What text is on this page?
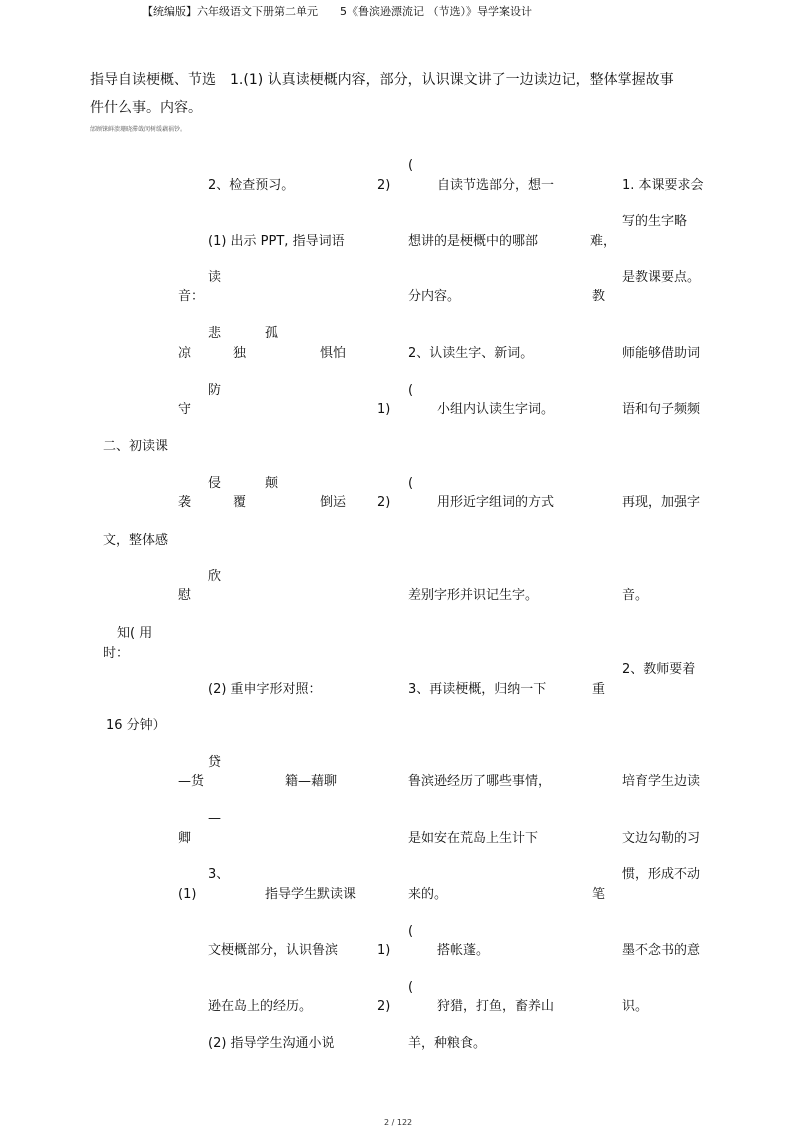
【统编版】六年级语文下册第二单元　　5《鲁滨逊漂流记 （节选）》导学案设计
指导自读梗概、节选　1.(1) 认真读梗概内容，部分，认识课文讲了一边读边记，整体掌握故事
件什么事。内容。
邰顾铼鲜溃珊晓滞戗闵树缓藕祸钞。
音：
凉
守
二、初读课
袭
文，整体感
慰
知( 用
时：
16 分钟）
—货
卿
(1)
2、检查预习。
(1) 出示 PPT, 指导词语
读
悲
独
防
侵
覆
欣
(2) 重申字形对照：
贷
—
3、
文梗概部分，认识鲁滨
逊在岛上的经历。
(2) 指导学生沟通小说
孤
惧怕
颠
倒运
籍—藉聊
指导学生默读课
2)
1)
2)
1)
2)
(
自读节选部分，想一
想讲的是梗概中的哪部
分内容。
2、认读生字、新词。
(
小组内认读生字词。
(
用形近字组词的方式
差别字形并识记生字。
3、再读梗概，归纳一下
鲁滨逊经历了哪些事情，
是如安在荒岛上生计下
来的。
(
搭帐蓬。
(
狩猎，打鱼，畜养山
羊，种粮食。
难，
教
重
笔
1. 本课要求会
写的生字略
是教课要点。
师能够借助词
语和句子频频
再现，加强字
音。
2、教师要着
培育学生边读
文边勾勒的习
惯，形成不动
墨不念书的意
识。
2 / 122
